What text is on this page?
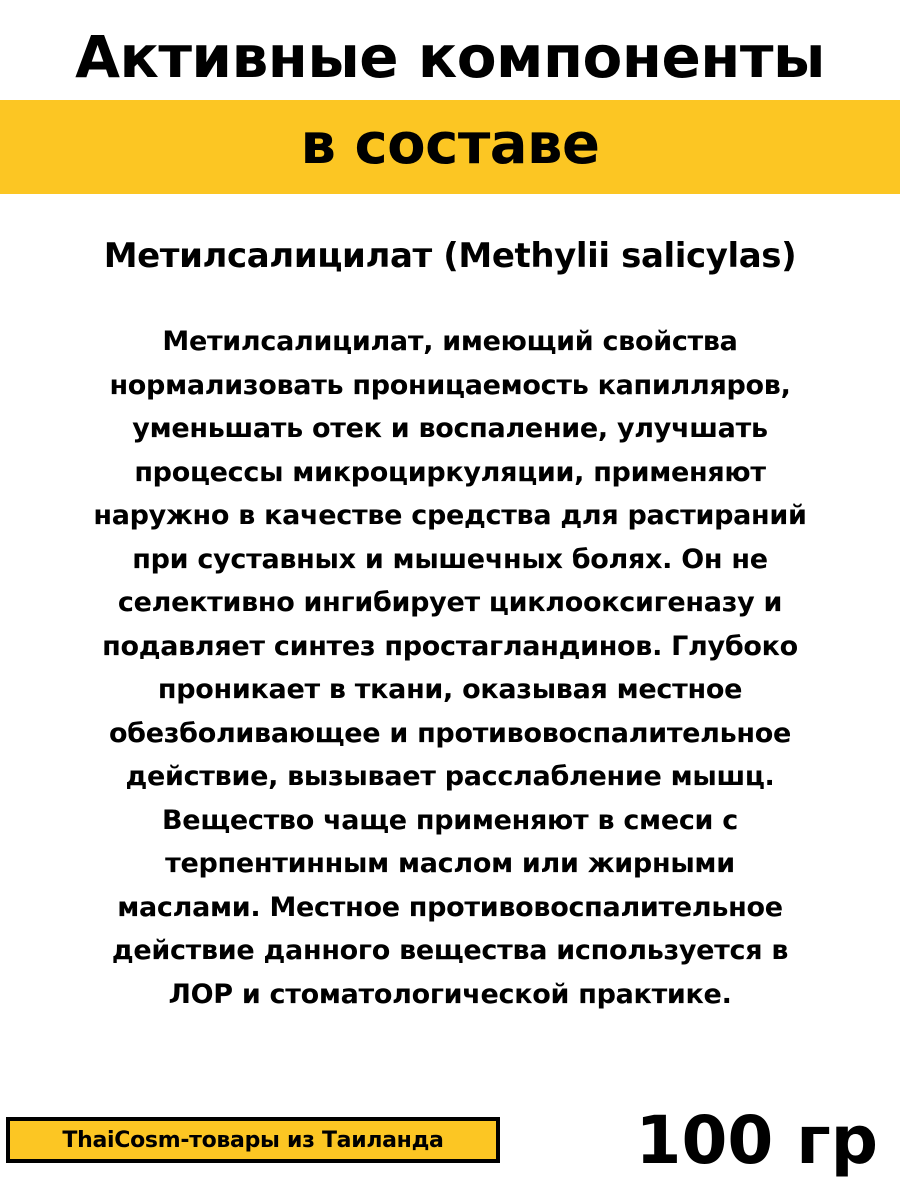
Активные компоненты
в составе
Метилсалицилат (Methylii salicylas)
Метилсалицилат, имеющий свойства
нормализовать проницаемость капилляров,
уменьшать отек и воспаление, улучшать
процессы микроциркуляции, применяют
наружно в качестве средства для растираний
при суставных и мышечных болях. Он не
селективно ингибирует циклооксигеназу и
подавляет синтез простагландинов. Глубоко
проникает в ткани, оказывая местное
обезболивающее и противовоспалительное
действие, вызывает расслабление мышц.
Вещество чаще применяют в смеси с
терпентинным маслом или жирными
маслами. Местное противовоспалительное
действие данного вещества используется в
ЛОР и стоматологической практике.
ThaiCosm-товары из Таиланда	100 гр
